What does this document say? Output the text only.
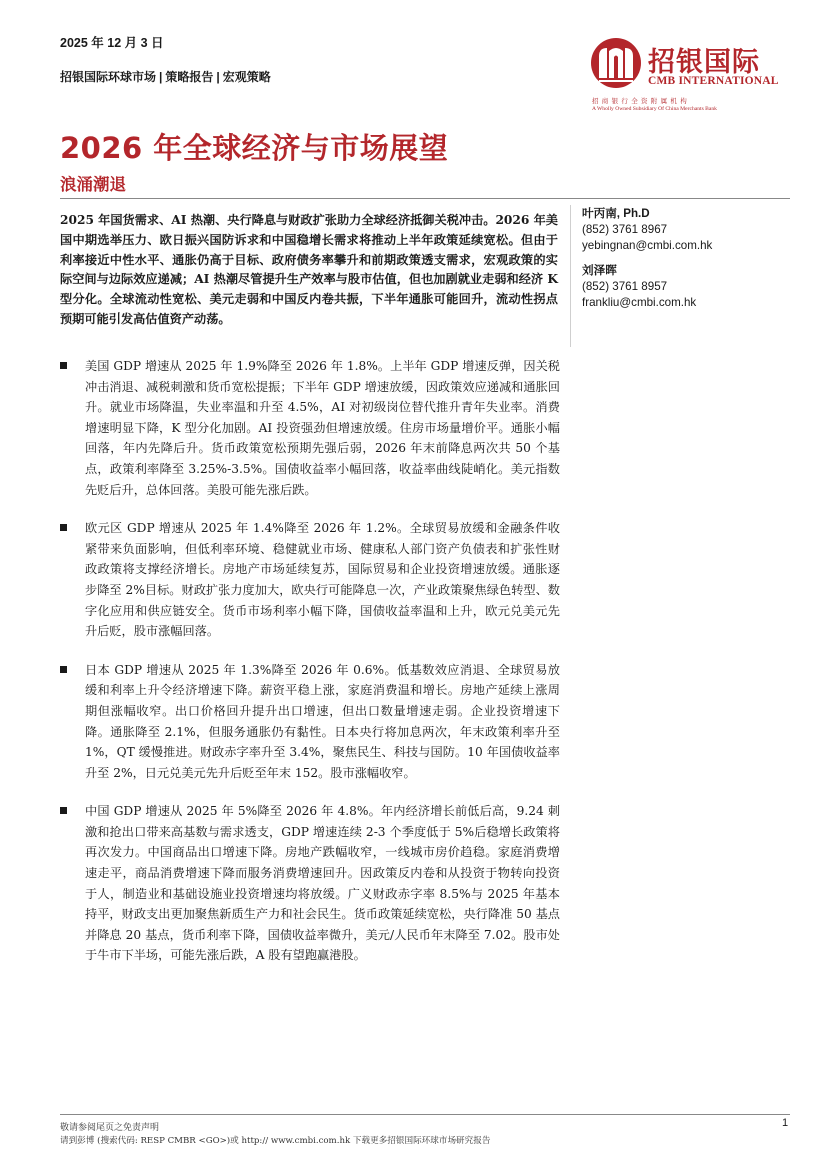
2025 年 12 月 3 日
招银国际环球市场 | 策略报告 | 宏观策略	招银国际
CMB INTERNATIONAL
招商银行全资附属机构
A Wholly Owned Subsidiary Of China Merchants Bank
2026 年全球经济与市场展望
浪涌潮退
2025 年国货需求、AI 热潮、央行降息与财政扩张助力全球经济抵御关税冲击。2026 年美国中期选举压力、欧日振兴国防诉求和中国稳增长需求将推动上半年政策延续宽松。但由于利率接近中性水平、通胀仍高于目标、政府债务率攀升和前期政策透支需求，宏观政策的实际空间与边际效应递减；AI 热潮尽管提升生产效率与股市估值，但也加剧就业走弱和经济 K 型分化。全球流动性宽松、美元走弱和中国反内卷共振，下半年通胀可能回升，流动性拐点预期可能引发高估值资产动荡。
叶丙南, Ph.D
(852) 3761 8967
yebingnan@cmbi.com.hk
刘泽晖
(852) 3761 8957
frankliu@cmbi.com.hk
美国 GDP 增速从 2025 年 1.9%降至 2026 年 1.8%。上半年 GDP 增速反弹，因关税冲击消退、减税刺激和货币宽松提振；下半年 GDP 增速放缓，因政策效应递减和通胀回升。就业市场降温，失业率温和升至 4.5%，AI 对初级岗位替代推升青年失业率。消费增速明显下降，K 型分化加剧。AI 投资强劲但增速放缓。住房市场量增价平。通胀小幅回落，年内先降后升。货币政策宽松预期先强后弱，2026 年末前降息两次共 50 个基点，政策利率降至 3.25%-3.5%。国债收益率小幅回落，收益率曲线陡峭化。美元指数先贬后升，总体回落。美股可能先涨后跌。
欧元区 GDP 增速从 2025 年 1.4%降至 2026 年 1.2%。全球贸易放缓和金融条件收紧带来负面影响，但低利率环境、稳健就业市场、健康私人部门资产负债表和扩张性财政政策将支撑经济增长。房地产市场延续复苏，国际贸易和企业投资增速放缓。通胀逐步降至 2%目标。财政扩张力度加大，欧央行可能降息一次，产业政策聚焦绿色转型、数字化应用和供应链安全。货币市场利率小幅下降，国债收益率温和上升，欧元兑美元先升后贬，股市涨幅回落。
日本 GDP 增速从 2025 年 1.3%降至 2026 年 0.6%。低基数效应消退、全球贸易放缓和利率上升令经济增速下降。薪资平稳上涨，家庭消费温和增长。房地产延续上涨周期但涨幅收窄。出口价格回升提升出口增速，但出口数量增速走弱。企业投资增速下降。通胀降至 2.1%，但服务通胀仍有黏性。日本央行将加息两次，年末政策利率升至 1%，QT 缓慢推进。财政赤字率升至 3.4%，聚焦民生、科技与国防。10 年国债收益率升至 2%，日元兑美元先升后贬至年末 152。股市涨幅收窄。
中国 GDP 增速从 2025 年 5%降至 2026 年 4.8%。年内经济增长前低后高，9.24 刺激和抢出口带来高基数与需求透支，GDP 增速连续 2-3 个季度低于 5%后稳增长政策将再次发力。中国商品出口增速下降。房地产跌幅收窄，一线城市房价趋稳。家庭消费增速走平，商品消费增速下降而服务消费增速回升。因政策反内卷和从投资于物转向投资于人，制造业和基础设施业投资增速均将放缓。广义财政赤字率 8.5%与 2025 年基本持平，财政支出更加聚焦新质生产力和社会民生。货币政策延续宽松，央行降准 50 基点并降息 20 基点，货币利率下降，国债收益率微升，美元/人民币年末降至 7.02。股市处于牛市下半场，可能先涨后跌，A 股有望跑赢港股。
敬请参阅尾页之免责声明	1
请到彭博 (搜索代码: RESP CMBR <GO>)或 http:// www.cmbi.com.hk 下载更多招银国际环球市场研究报告
